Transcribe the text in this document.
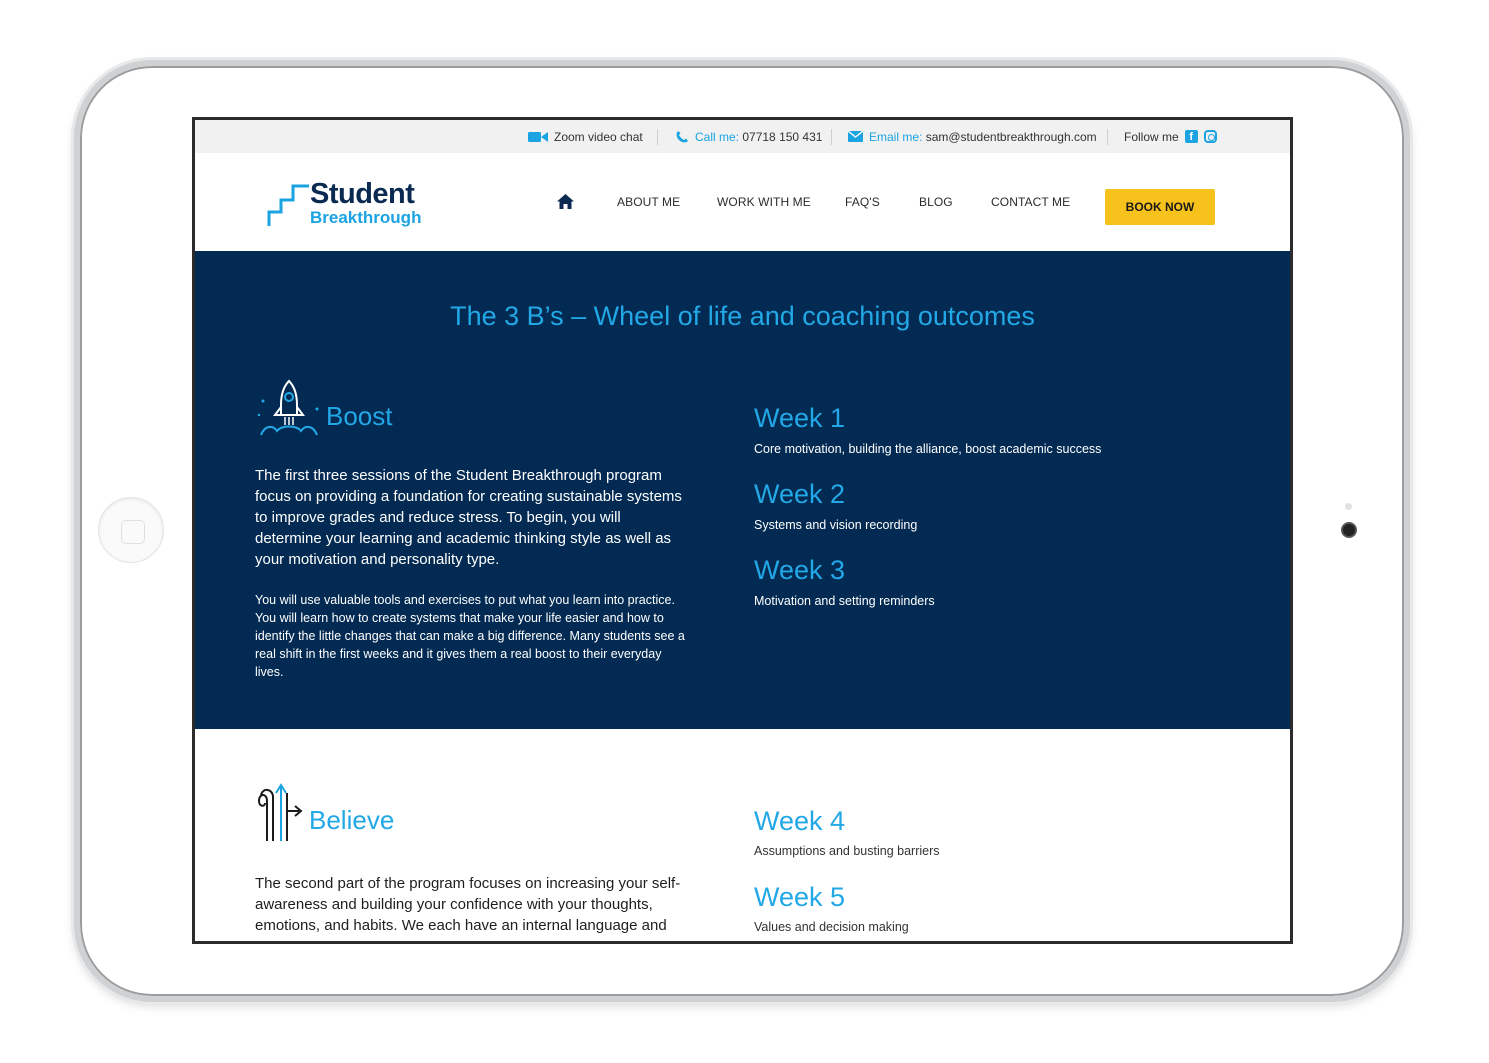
Zoom video chat	Call me: 07718 150 431	Email me: sam@studentbreakthrough.com Follow me f
Student
Breakthrough
ABOUT ME	WORK WITH ME	FAQ'S	BLOG	CONTACT ME	BOOK NOW
The 3 B’s – Wheel of life and coaching outcomes
Boost

The first three sessions of the Student Breakthrough program focus on providing a foundation for creating sustainable systems to improve grades and reduce stress. To begin, you will determine your learning and academic thinking style as well as your motivation and personality type.

You will use valuable tools and exercises to put what you learn into practice. You will learn how to create systems that make your life easier and how to identify the little changes that can make a big difference. Many students see a real shift in the first weeks and it gives them a real boost to their everyday lives.

Week 1
Core motivation, building the alliance, boost academic success
Week 2
Systems and vision recording
Week 3
Motivation and setting reminders
Believe

The second part of the program focuses on increasing your self-awareness and building your confidence with your thoughts, emotions, and habits. We each have an internal language and

Week 4
Assumptions and busting barriers
Week 5
Values and decision making
